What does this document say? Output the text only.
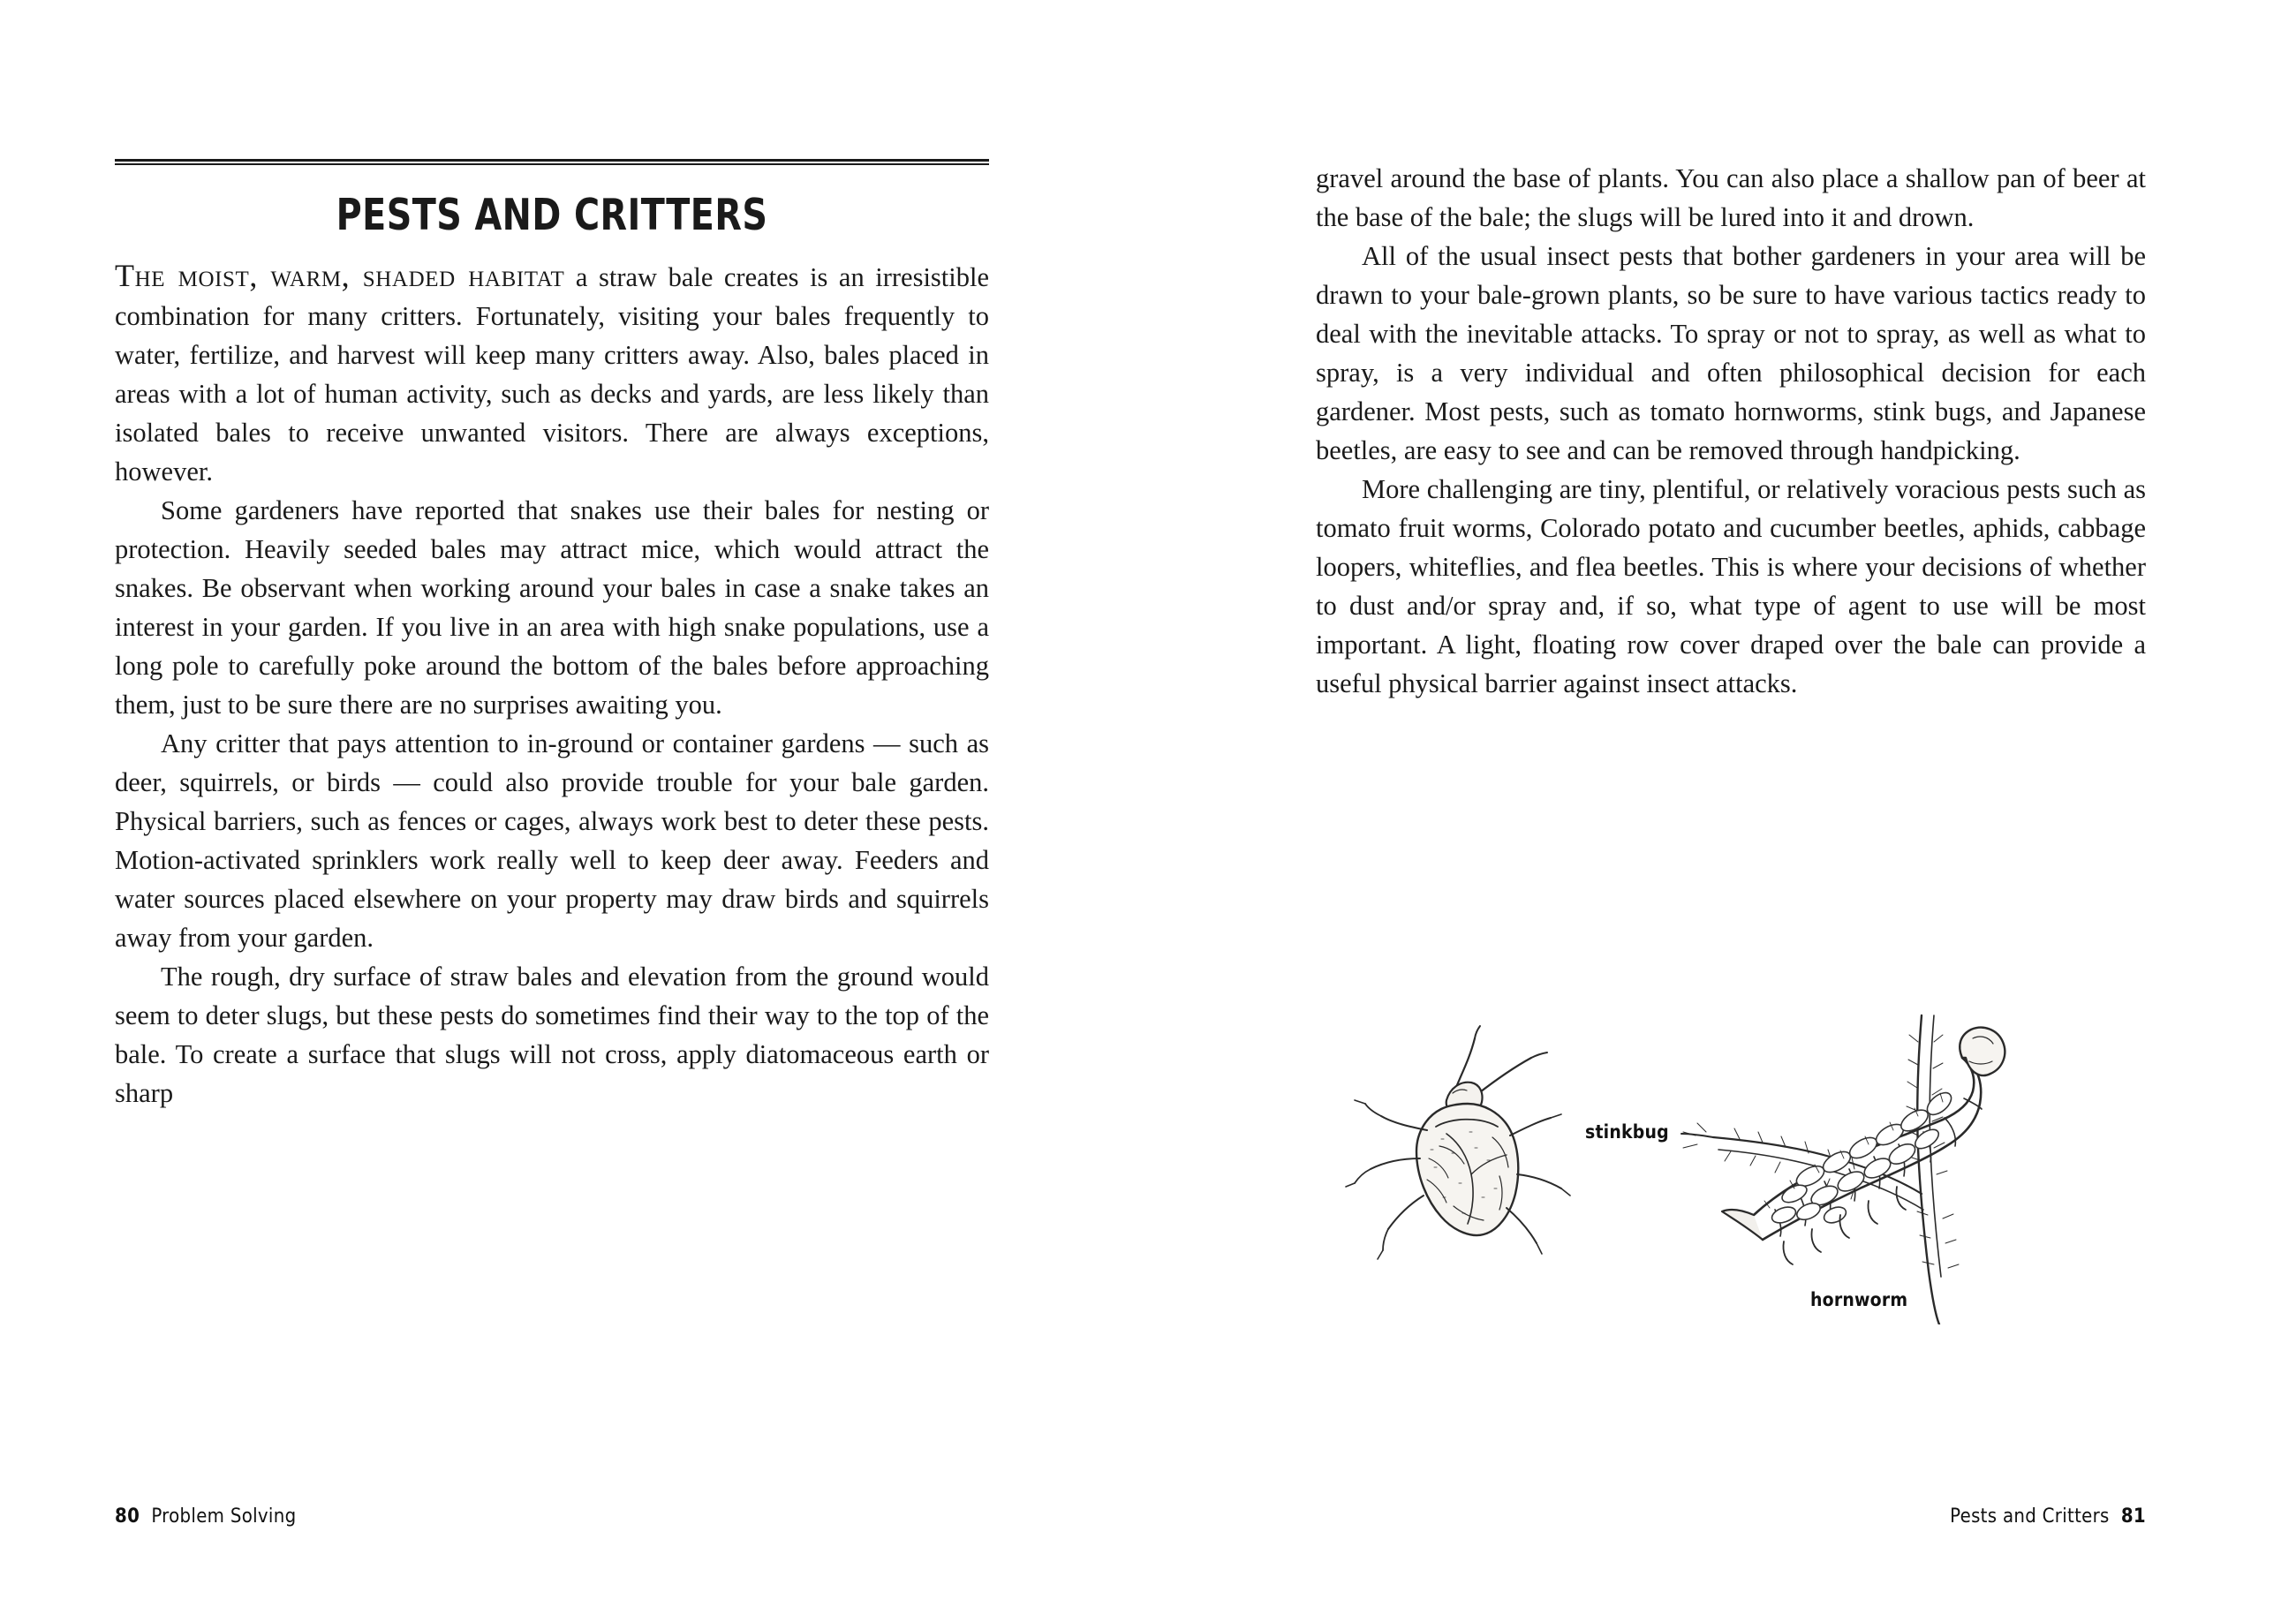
PESTS AND CRITTERS

The moist, warm, shaded habitat a straw bale creates is an irresistible combination for many critters. Fortunately, visiting your bales frequently to water, fertilize, and harvest will keep many critters away. Also, bales placed in areas with a lot of human activity, such as decks and yards, are less likely than isolated bales to receive unwanted visitors. There are always exceptions, however.

Some gardeners have reported that snakes use their bales for nesting or protection. Heavily seeded bales may attract mice, which would attract the snakes. Be observant when working around your bales in case a snake takes an interest in your garden. If you live in an area with high snake populations, use a long pole to carefully poke around the bottom of the bales before approaching them, just to be sure there are no surprises awaiting you.

Any critter that pays attention to in-ground or container gardens — such as deer, squirrels, or birds — could also provide trouble for your bale garden. Physical barriers, such as fences or cages, always work best to deter these pests. Motion-activated sprinklers work really well to keep deer away. Feeders and water sources placed elsewhere on your property may draw birds and squirrels away from your garden.

The rough, dry surface of straw bales and elevation from the ground would seem to deter slugs, but these pests do sometimes find their way to the top of the bale. To create a surface that slugs will not cross, apply diatomaceous earth or sharp

80 Problem Solving

gravel around the base of plants. You can also place a shallow pan of beer at the base of the bale; the slugs will be lured into it and drown.

All of the usual insect pests that bother gardeners in your area will be drawn to your bale-grown plants, so be sure to have various tactics ready to deal with the inevitable attacks. To spray or not to spray, as well as what to spray, is a very individual and often philosophical decision for each gardener. Most pests, such as tomato hornworms, stink bugs, and Japanese beetles, are easy to see and can be removed through handpicking.

More challenging are tiny, plentiful, or relatively voracious pests such as tomato fruit worms, Colorado potato and cucumber beetles, aphids, cabbage loopers, whiteflies, and flea beetles. This is where your decisions of whether to dust and/or spray and, if so, what type of agent to use will be most important. A light, floating row cover draped over the bale can provide a useful physical barrier against insect attacks.

Pests and Critters 81
stinkbug
hornworm
